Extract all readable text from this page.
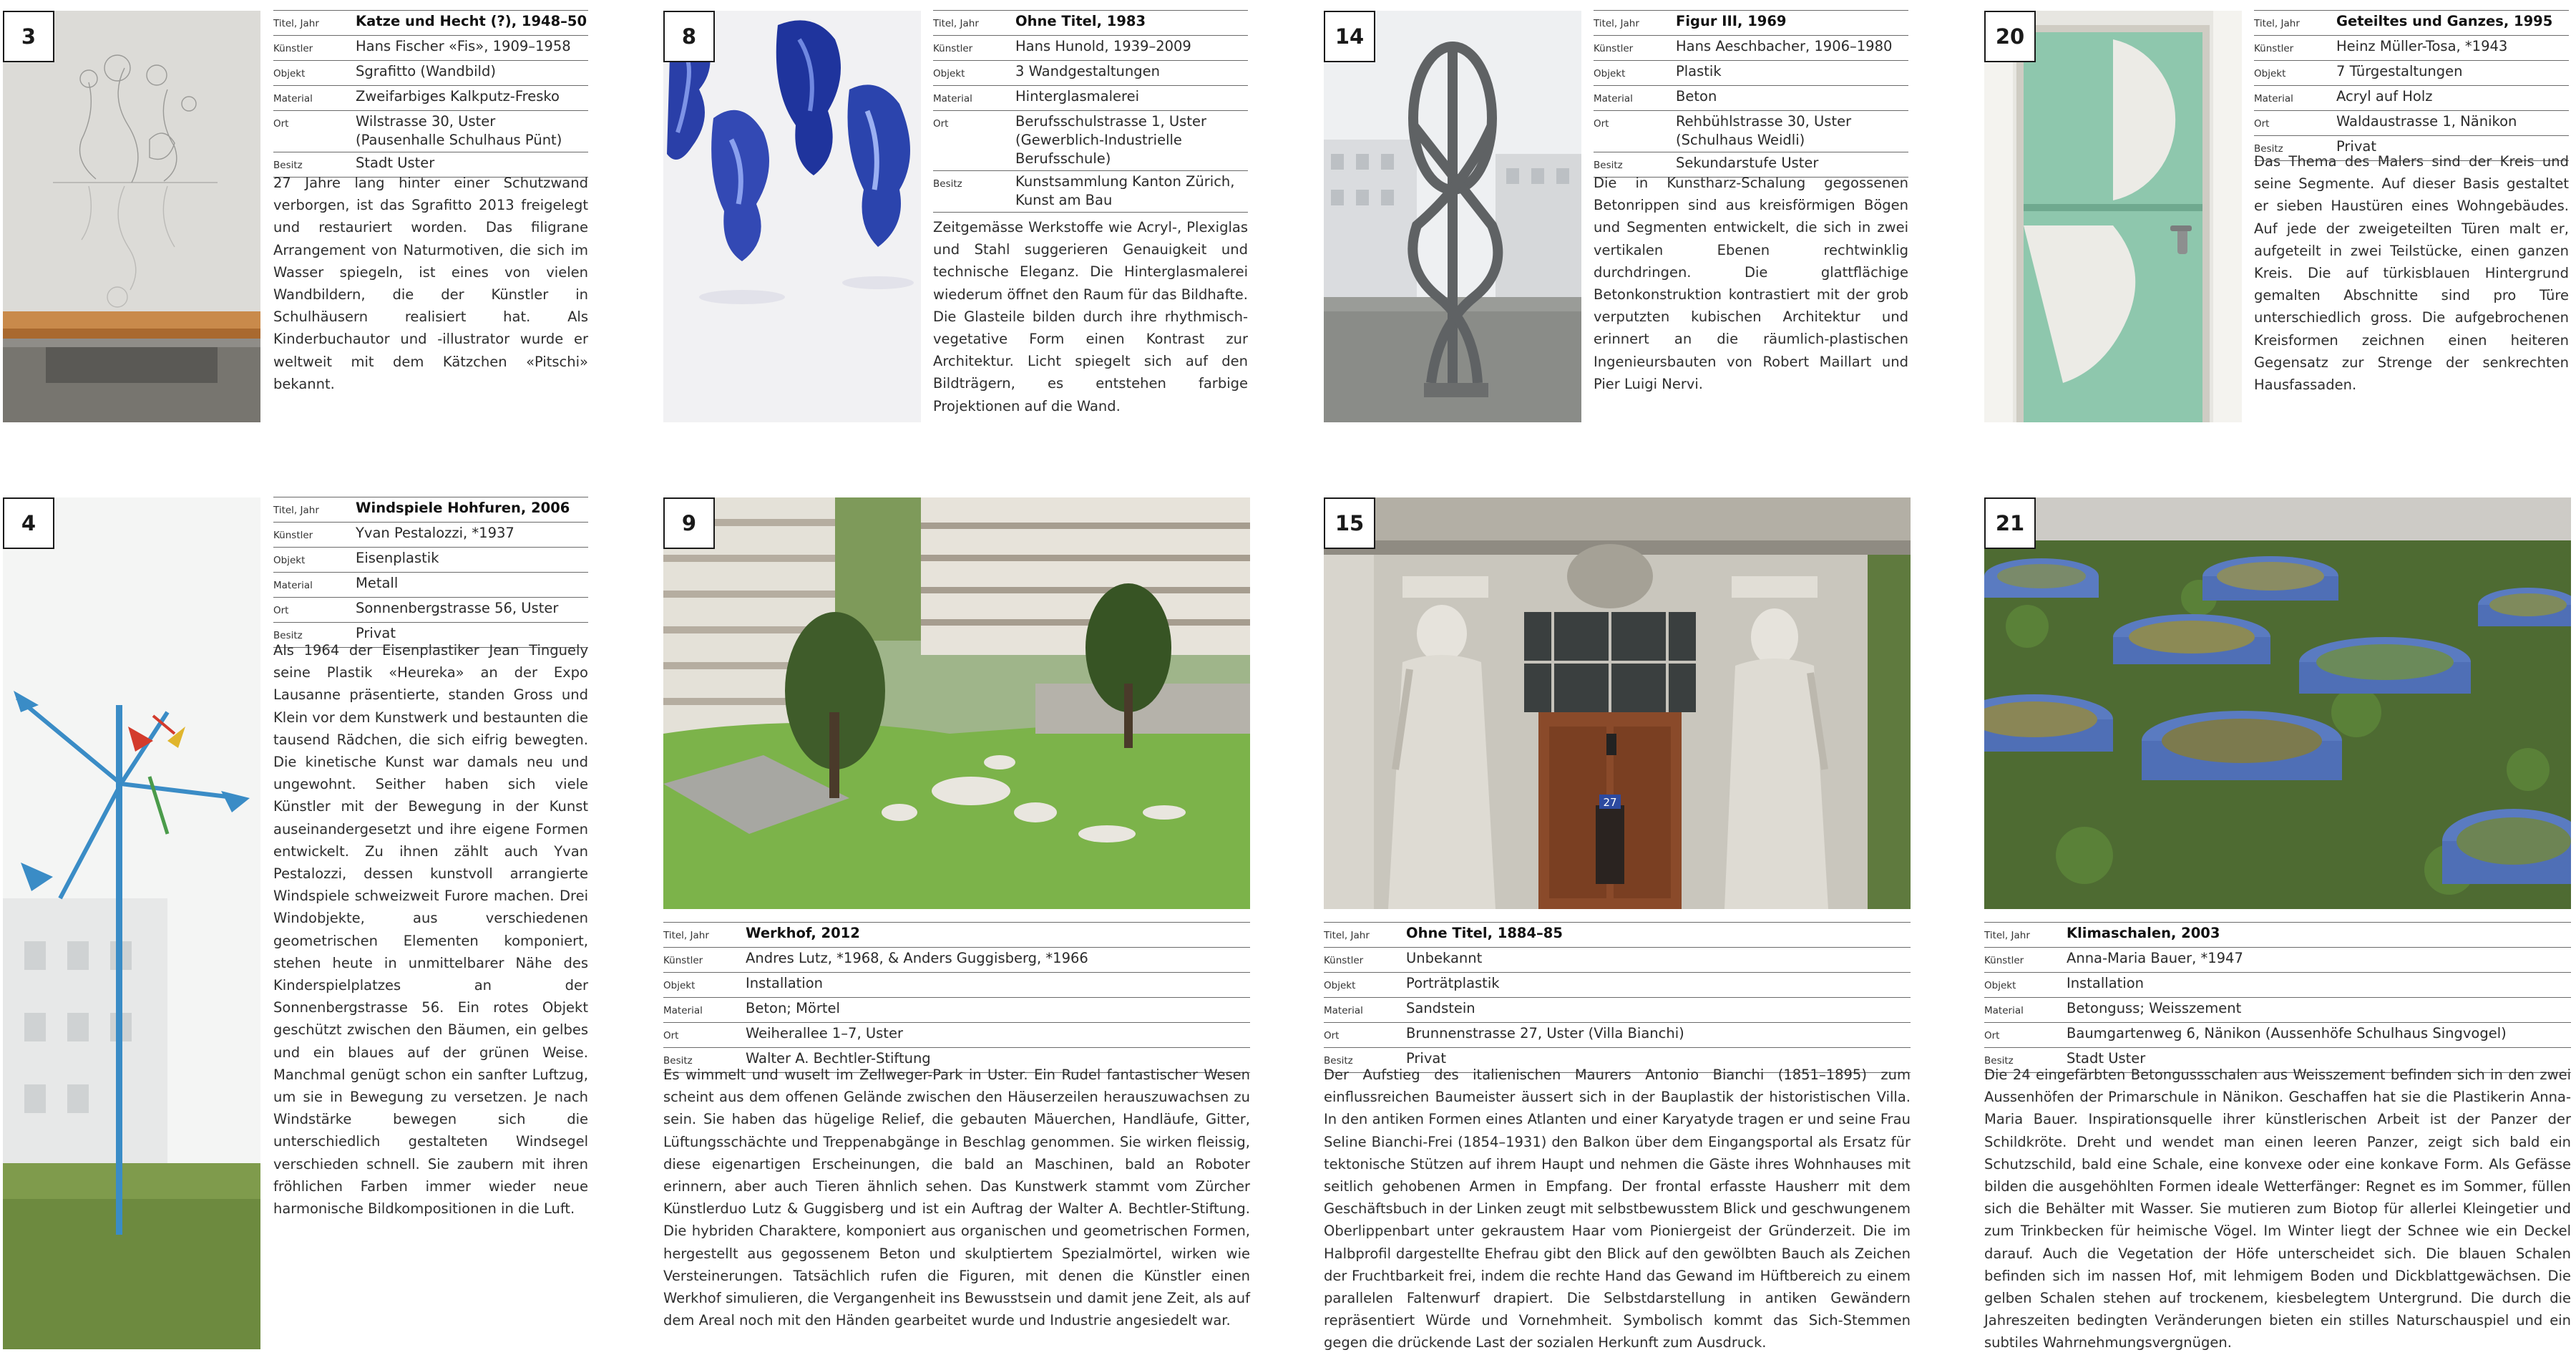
3
Titel, Jahr	Katze und Hecht (?), 1948–50
Künstler	Hans Fischer «Fis», 1909–1958
Objekt	Sgrafitto (Wandbild)
Material	Zweifarbiges Kalkputz-Fresko
Ort	Wilstrasse 30, Uster (Pausenhalle Schulhaus Pünt)
Besitz	Stadt Uster

27 Jahre lang hinter einer Schutzwand verborgen, ist das Sgrafitto 2013 freigelegt und restauriert worden. Das filigrane Arrangement von Naturmotiven, die sich im Wasser spiegeln, ist eines von vielen Wandbildern, die der Künstler in Schulhäusern realisiert hat. Als Kinderbuchautor und -illustrator wurde er weltweit mit dem Kätzchen «Pitschi» bekannt.

8
Titel, Jahr	Ohne Titel, 1983
Künstler	Hans Hunold, 1939–2009
Objekt	3 Wandgestaltungen
Material	Hinterglasmalerei
Ort	Berufsschulstrasse 1, Uster (Gewerblich-Industrielle Berufsschule)
Besitz	Kunstsammlung Kanton Zürich, Kunst am Bau

Zeitgemässe Werkstoffe wie Acryl-, Plexiglas und Stahl suggerieren Genauigkeit und technische Eleganz. Die Hinterglasmalerei wiederum öffnet den Raum für das Bildhafte. Die Glasteile bilden durch ihre rhythmisch-vegetative Form einen Kontrast zur Architektur. Licht spiegelt sich auf den Bildträgern, es entstehen farbige Projektionen auf die Wand.

14
Titel, Jahr	Figur III, 1969
Künstler	Hans Aeschbacher, 1906–1980
Objekt	Plastik
Material	Beton
Ort	Rehbühlstrasse 30, Uster (Schulhaus Weidli)
Besitz	Sekundarstufe Uster

Die in Kunstharz-Schalung gegossenen Betonrippen sind aus kreisförmigen Bögen und Segmenten entwickelt, die sich in zwei vertikalen Ebenen rechtwinklig durchdringen. Die glattflächige Betonkonstruktion kontrastiert mit der grob verputzten kubischen Architektur und erinnert an die räumlich-plastischen Ingenieursbauten von Robert Maillart und Pier Luigi Nervi.

20
Titel, Jahr	Geteiltes und Ganzes, 1995
Künstler	Heinz Müller-Tosa, *1943
Objekt	7 Türgestaltungen
Material	Acryl auf Holz
Ort	Waldaustrasse 1, Nänikon
Besitz	Privat

Das Thema des Malers sind der Kreis und seine Segmente. Auf dieser Basis gestaltet er sieben Haustüren eines Wohngebäudes. Auf jede der zweigeteilten Türen malt er, aufgeteilt in zwei Teilstücke, einen ganzen Kreis. Die auf türkisblauen Hintergrund gemalten Abschnitte sind pro Türe unterschiedlich gross. Die aufgebrochenen Kreisformen zeichnen einen heiteren Gegensatz zur Strenge der senkrechten Hausfassaden.

4
Titel, Jahr	Windspiele Hohfuren, 2006
Künstler	Yvan Pestalozzi, *1937
Objekt	Eisenplastik
Material	Metall
Ort	Sonnenbergstrasse 56, Uster
Besitz	Privat

Als 1964 der Eisenplastiker Jean Tinguely seine Plastik «Heureka» an der Expo Lausanne präsentierte, standen Gross und Klein vor dem Kunstwerk und bestaunten die tausend Rädchen, die sich eifrig bewegten. Die kinetische Kunst war damals neu und ungewohnt. Seither haben sich viele Künstler mit der Bewegung in der Kunst auseinandergesetzt und ihre eigene Formen entwickelt. Zu ihnen zählt auch Yvan Pestalozzi, dessen kunstvoll arrangierte Windspiele schweizweit Furore machen. Drei Windobjekte, aus verschiedenen geometrischen Elementen komponiert, stehen heute in unmittelbarer Nähe des Kinderspielplatzes an der Sonnenbergstrasse 56. Ein rotes Objekt geschützt zwischen den Bäumen, ein gelbes und ein blaues auf der grünen Weise. Manchmal genügt schon ein sanfter Luftzug, um sie in Bewegung zu versetzen. Je nach Windstärke bewegen sich die unterschiedlich gestalteten Windsegel verschieden schnell. Sie zaubern mit ihren fröhlichen Farben immer wieder neue harmonische Bildkompositionen in die Luft.

9
Titel, Jahr	Werkhof, 2012
Künstler	Andres Lutz, *1968, & Anders Guggisberg, *1966
Objekt	Installation
Material	Beton; Mörtel
Ort	Weiherallee 1–7, Uster
Besitz	Walter A. Bechtler-Stiftung

Es wimmelt und wuselt im Zellweger-Park in Uster. Ein Rudel fantastischer Wesen scheint aus dem offenen Gelände zwischen den Häuserzeilen herauszuwachsen zu sein. Sie haben das hügelige Relief, die gebauten Mäuerchen, Handläufe, Gitter, Lüftungsschächte und Treppenabgänge in Beschlag genommen. Sie wirken fleissig, diese eigenartigen Erscheinungen, die bald an Maschinen, bald an Roboter erinnern, aber auch Tieren ähnlich sehen. Das Kunstwerk stammt vom Zürcher Künstlerduo Lutz & Guggisberg und ist ein Auftrag der Walter A. Bechtler-Stiftung. Die hybriden Charaktere, komponiert aus organischen und geometrischen Formen, hergestellt aus gegossenem Beton und skulptiertem Spezialmörtel, wirken wie Versteinerungen. Tatsächlich rufen die Figuren, mit denen die Künstler einen Werkhof simulieren, die Vergangenheit ins Bewusstsein und damit jene Zeit, als auf dem Areal noch mit den Händen gearbeitet wurde und Industrie angesiedelt war.

27
15
Titel, Jahr	Ohne Titel, 1884–85
Künstler	Unbekannt
Objekt	Porträtplastik
Material	Sandstein
Ort	Brunnenstrasse 27, Uster (Villa Bianchi)
Besitz	Privat

Der Aufstieg des italienischen Maurers Antonio Bianchi (1851–1895) zum einflussreichen Baumeister äussert sich in der Bauplastik der historistischen Villa. In den antiken Formen eines Atlanten und einer Karyatyde tragen er und seine Frau Seline Bianchi-Frei (1854–1931) den Balkon über dem Eingangsportal als Ersatz für tektonische Stützen auf ihrem Haupt und nehmen die Gäste ihres Wohnhauses mit seitlich gehobenen Armen in Empfang. Der frontal erfasste Hausherr mit dem Geschäftsbuch in der Linken zeugt mit selbstbewusstem Blick und geschwungenem Oberlippenbart unter gekraustem Haar vom Pioniergeist der Gründerzeit. Die im Halbprofil dargestellte Ehefrau gibt den Blick auf den gewölbten Bauch als Zeichen der Fruchtbarkeit frei, indem die rechte Hand das Gewand im Hüftbereich zu einem parallelen Faltenwurf drapiert. Die Selbstdarstellung in antiken Gewändern repräsentiert Würde und Vornehmheit. Symbolisch kommt das Sich-Stemmen gegen die drückende Last der sozialen Herkunft zum Ausdruck.

21
Titel, Jahr	Klimaschalen, 2003
Künstler	Anna-Maria Bauer, *1947
Objekt	Installation
Material	Betonguss; Weisszement
Ort	Baumgartenweg 6, Nänikon (Aussenhöfe Schulhaus Singvogel)
Besitz	Stadt Uster

Die 24 eingefärbten Betongussschalen aus Weisszement befinden sich in den zwei Aussenhöfen der Primarschule in Nänikon. Geschaffen hat sie die Plastikerin Anna-Maria Bauer. Inspirationsquelle ihrer künstlerischen Arbeit ist der Panzer der Schildkröte. Dreht und wendet man einen leeren Panzer, zeigt sich bald ein Schutzschild, bald eine Schale, eine konvexe oder eine konkave Form. Als Gefässe bilden die ausgehöhlten Formen ideale Wetterfänger: Regnet es im Sommer, füllen sich die Behälter mit Wasser. Sie mutieren zum Biotop für allerlei Kleingetier und zum Trinkbecken für heimische Vögel. Im Winter liegt der Schnee wie ein Deckel darauf. Auch die Vegetation der Höfe unterscheidet sich. Die blauen Schalen befinden sich im nassen Hof, mit lehmigem Boden und Dickblattgewächsen. Die gelben Schalen stehen auf trockenem, kiesbelegtem Untergrund. Die durch die Jahreszeiten bedingten Veränderungen bieten ein stilles Naturschauspiel und ein subtiles Wahrnehmungsvergnügen.
